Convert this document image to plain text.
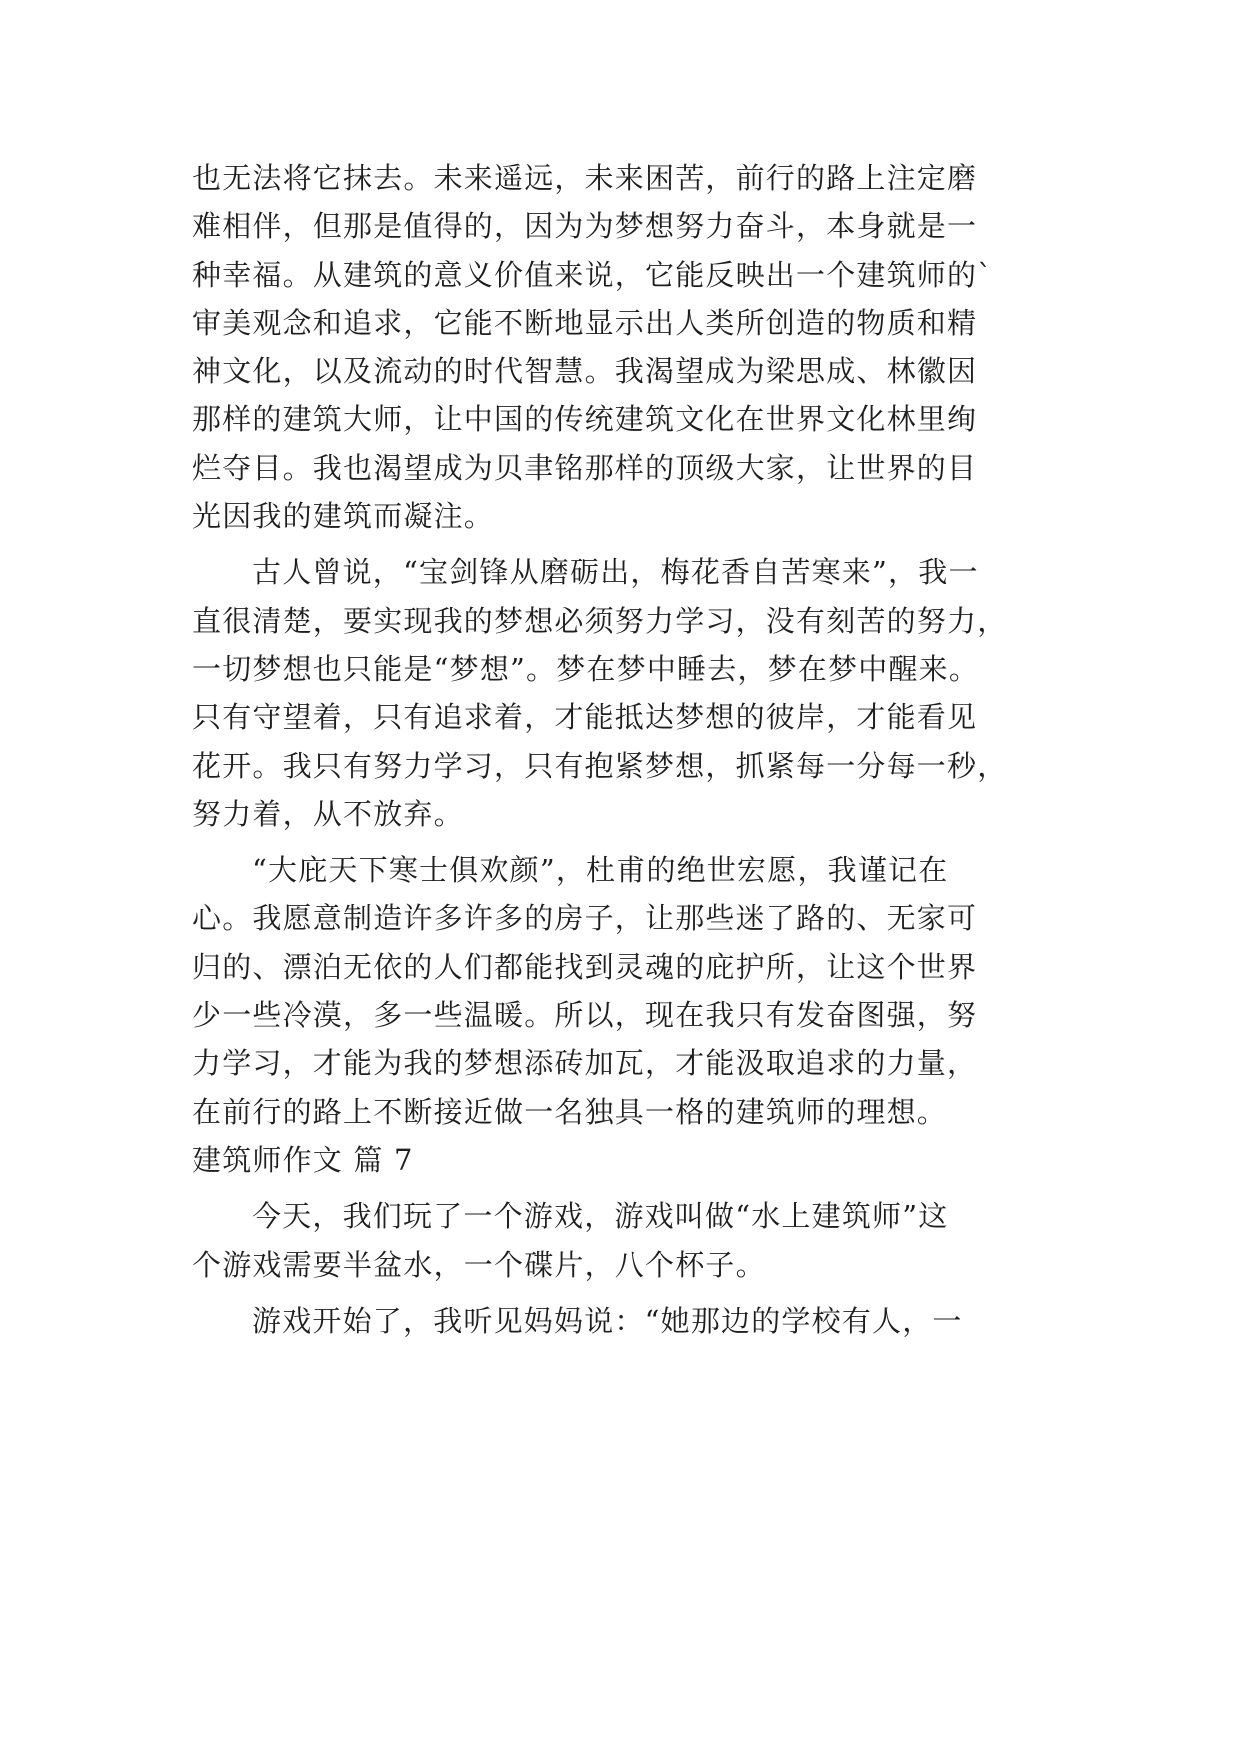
也无法将它抹去。未来遥远，未来困苦，前行的路上注定磨
难相伴，但那是值得的，因为为梦想努力奋斗，本身就是一
种幸福。从建筑的意义价值来说，它能反映出一个建筑师的`
审美观念和追求，它能不断地显示出人类所创造的物质和精
神文化，以及流动的时代智慧。我渴望成为梁思成、林徽因
那样的建筑大师，让中国的传统建筑文化在世界文化林里绚
烂夺目。我也渴望成为贝聿铭那样的顶级大家，让世界的目
光因我的建筑而凝注。
古人曾说，“宝剑锋从磨砺出，梅花香自苦寒来”，我一
直很清楚，要实现我的梦想必须努力学习，没有刻苦的努力，
一切梦想也只能是“梦想”。梦在梦中睡去，梦在梦中醒来。
只有守望着，只有追求着，才能抵达梦想的彼岸，才能看见
花开。我只有努力学习，只有抱紧梦想，抓紧每一分每一秒，
努力着，从不放弃。
“大庇天下寒士俱欢颜”，杜甫的绝世宏愿，我谨记在
心。我愿意制造许多许多的房子，让那些迷了路的、无家可
归的、漂泊无依的人们都能找到灵魂的庇护所，让这个世界
少一些冷漠，多一些温暖。所以，现在我只有发奋图强，努
力学习，才能为我的梦想添砖加瓦，才能汲取追求的力量，
在前行的路上不断接近做一名独具一格的建筑师的理想。
建筑师作文 篇 7
今天，我们玩了一个游戏，游戏叫做“水上建筑师”这
个游戏需要半盆水，一个碟片，八个杯子。
游戏开始了，我听见妈妈说：“她那边的学校有人，一
